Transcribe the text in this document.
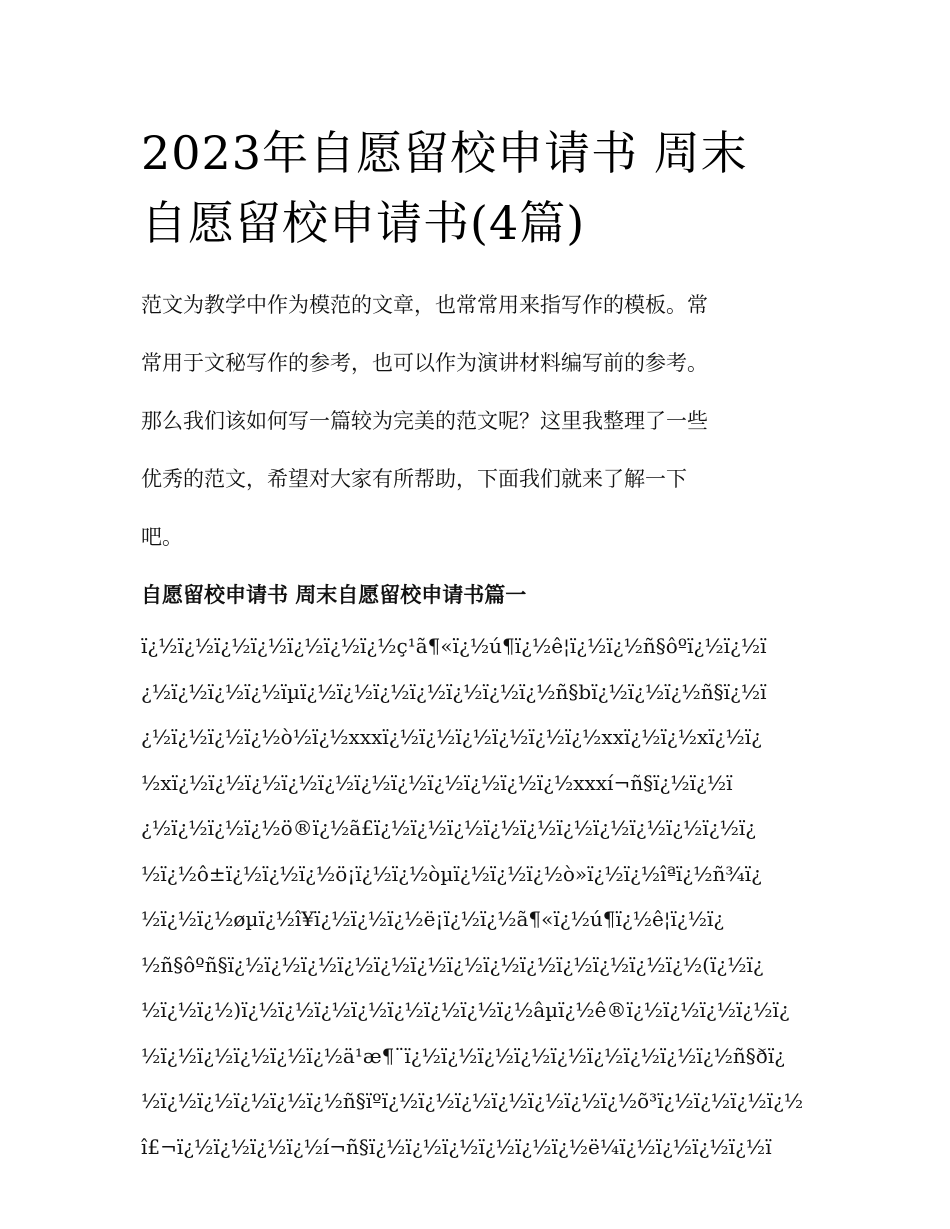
2023年自愿留校申请书 周末
自愿留校申请书(4篇)

范文为教学中作为模范的文章，也常常用来指写作的模板。常
常用于文秘写作的参考，也可以作为演讲材料编写前的参考。
那么我们该如何写一篇较为完美的范文呢？这里我整理了一些
优秀的范文，希望对大家有所帮助，下面我们就来了解一下
吧。

自愿留校申请书 周末自愿留校申请书篇一

ï¿½ï¿½ï¿½ï¿½ï¿½ï¿½ï¿½ç¹ã¶«ï¿½ú¶ï¿½ê¦ï¿½ï¿½ñ§ôºï¿½ï¿½ï
¿½ï¿½ï¿½ï¿½ïµï¿½ï¿½ï¿½ï¿½ï¿½ï¿½ï¿½ñ§bï¿½ï¿½ï¿½ñ§ï¿½ï
¿½ï¿½ï¿½ï¿½ò½ï¿½xxxï¿½ï¿½ï¿½ï¿½ï¿½ï¿½xxï¿½ï¿½xï¿½ï¿
½xï¿½ï¿½ï¿½ï¿½ï¿½ï¿½ï¿½ï¿½ï¿½ï¿½ï¿½xxxí¬ñ§ï¿½ï¿½ï
¿½ï¿½ï¿½ï¿½ö®ï¿½ã£ï¿½ï¿½ï¿½ï¿½ï¿½ï¿½ï¿½ï¿½ï¿½ï¿½ï¿
½ï¿½ô±ï¿½ï¿½ï¿½ö¡ï¿½ï¿½òµï¿½ï¿½ï¿½ò»ï¿½ï¿½îªï¿½ñ¾ï¿
½ï¿½ï¿½øµï¿½î¥ï¿½ï¿½ï¿½ë¡ï¿½ï¿½ã¶«ï¿½ú¶ï¿½ê¦ï¿½ï¿
½ñ§ôºñ§ï¿½ï¿½ï¿½ï¿½ï¿½ï¿½ï¿½ï¿½ï¿½ï¿½ï¿½ï¿½ï¿½(ï¿½ï¿
½ï¿½ï¿½)ï¿½ï¿½ï¿½ï¿½ï¿½ï¿½ï¿½ï¿½âµï¿½ê®ï¿½ï¿½ï¿½ï¿½ï¿
½ï¿½ï¿½ï¿½ï¿½ï¿½ä¹æ¶¨ï¿½ï¿½ï¿½ï¿½ï¿½ï¿½ï¿½ï¿½ï¿½ñ§ðï¿
½ï¿½ï¿½ï¿½ï¿½ï¿½ñ§ïºï¿½ï¿½ï¿½ï¿½ï¿½ï¿½ï¿½õ³ï¿½ï¿½ï¿½ï¿½
î£¬ï¿½ï¿½ï¿½ï¿½í¬ñ§ï¿½ï¿½ï¿½ï¿½ï¿½ï¿½ë¼ï¿½ï¿½ï¿½ï¿½ï
